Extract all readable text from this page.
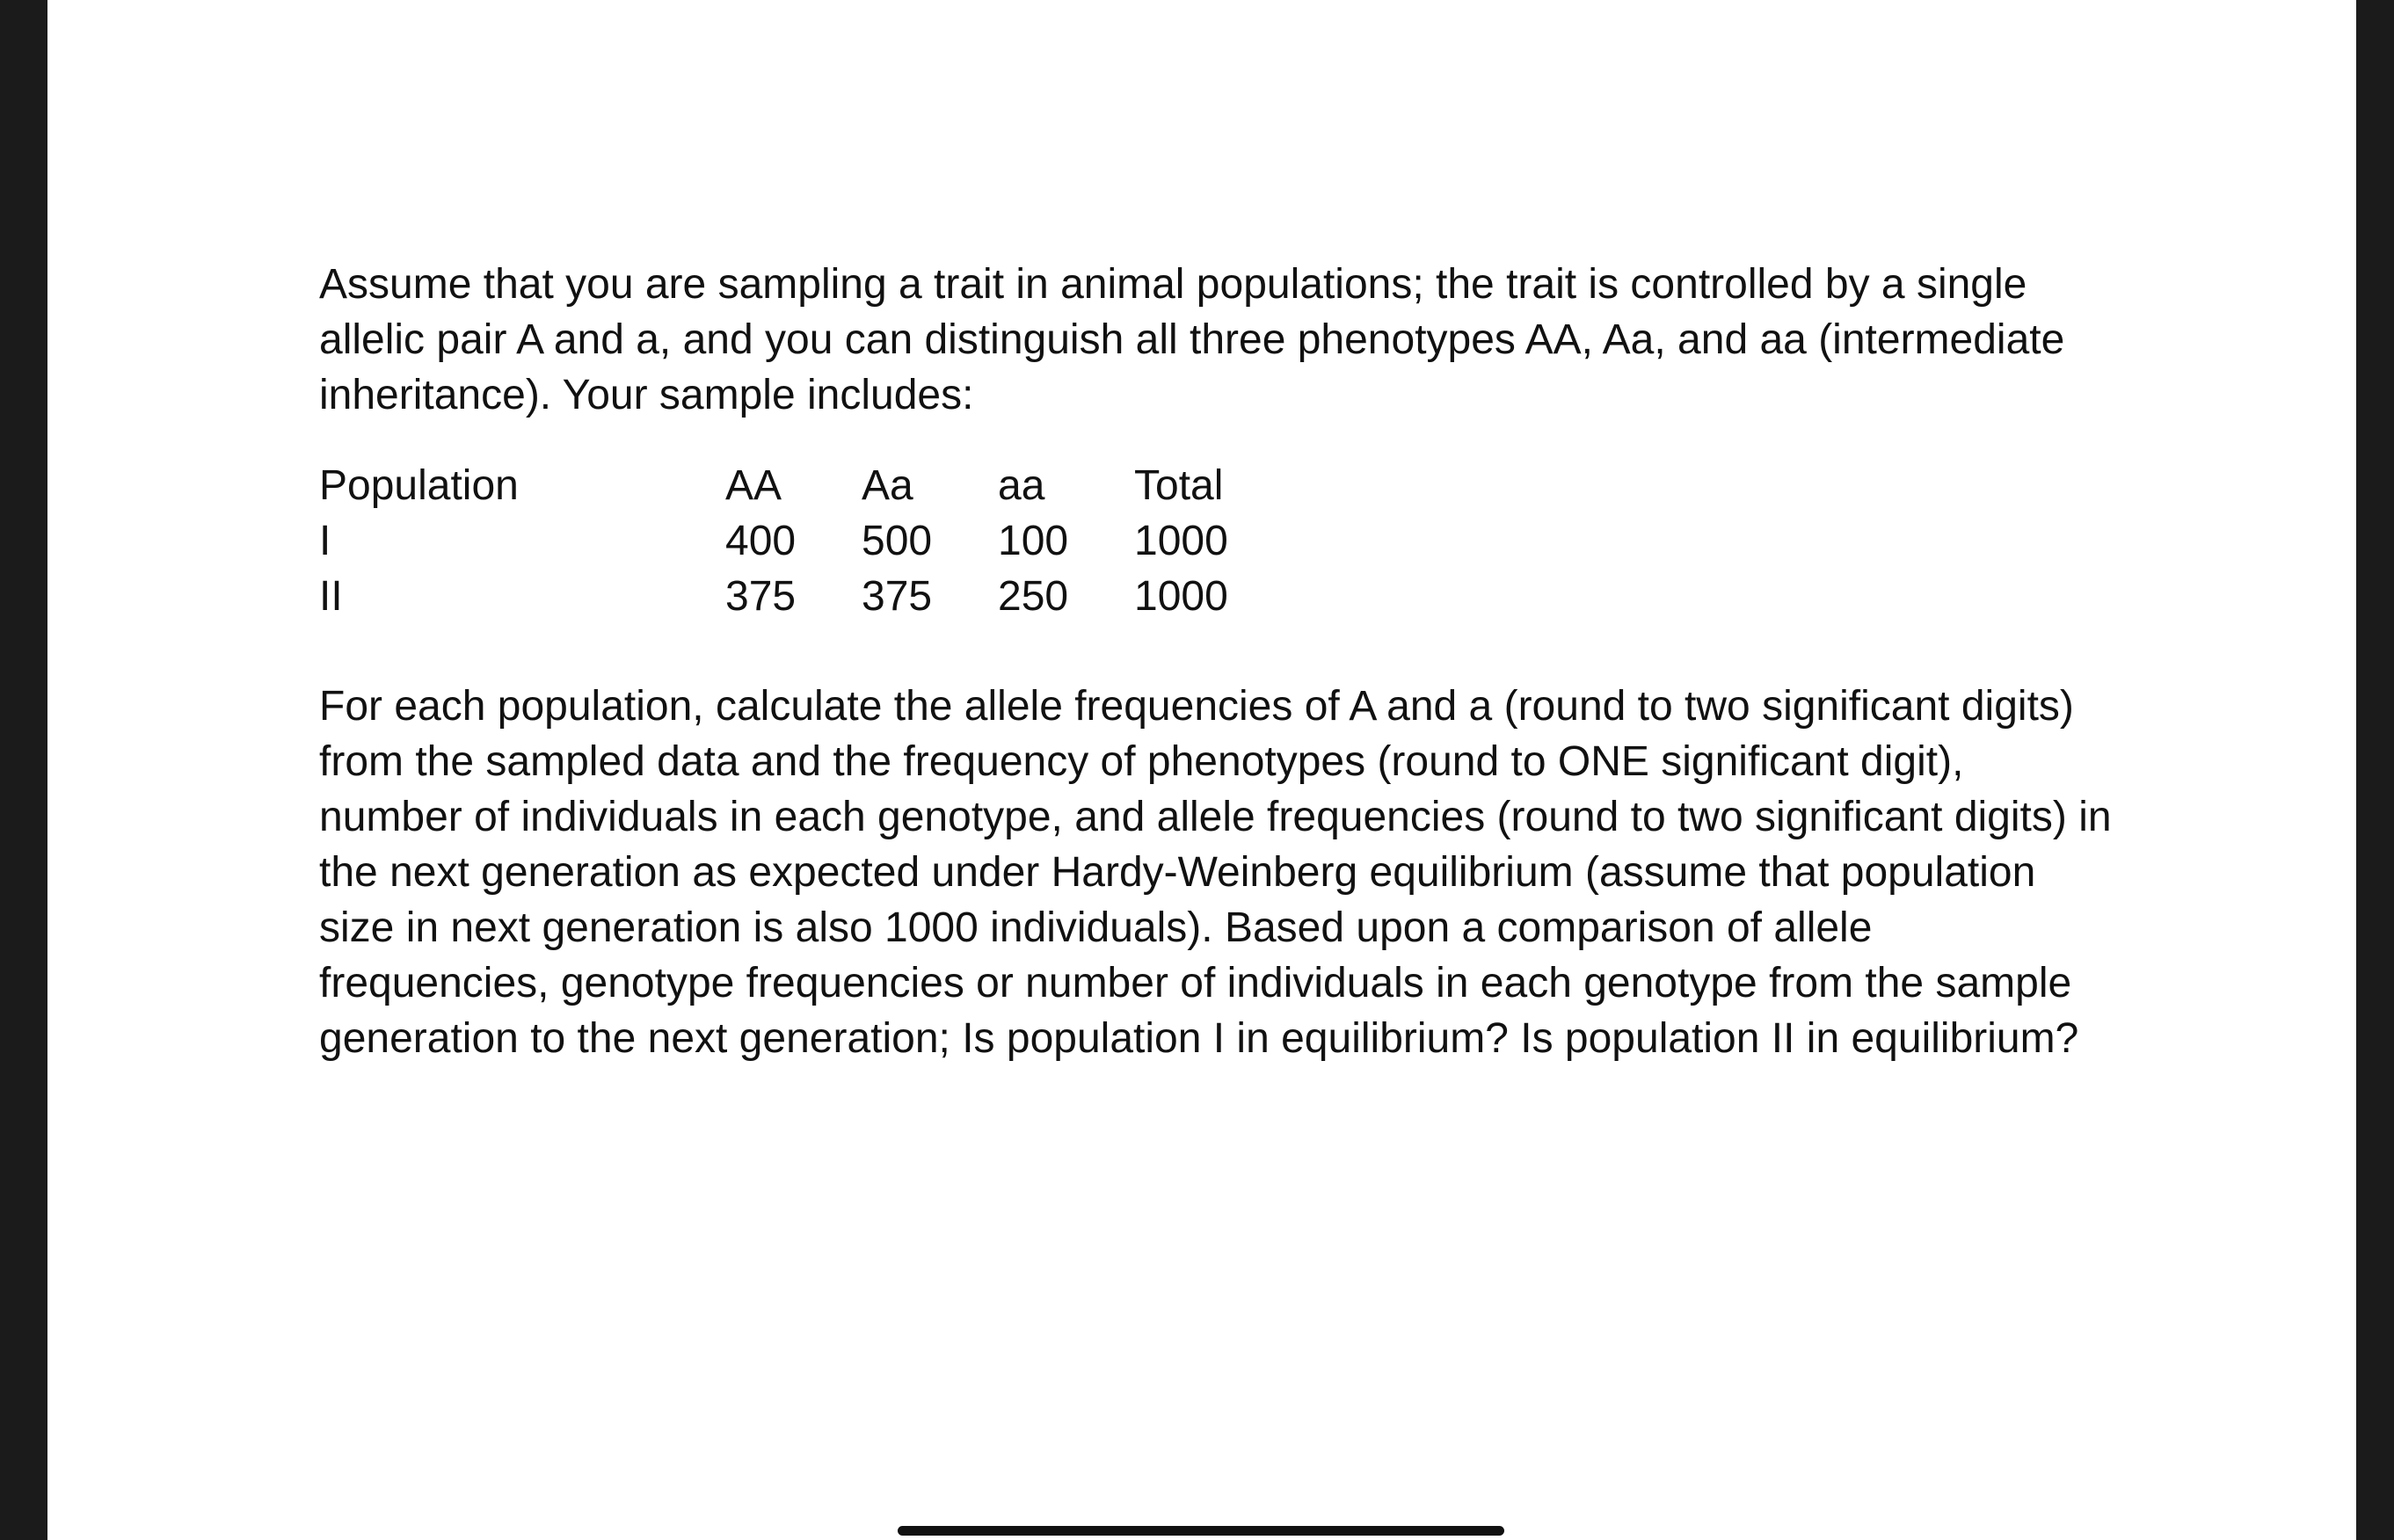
Assume that you are sampling a trait in animal populations; the trait is controlled by a single allelic pair A and a, and you can distinguish all three phenotypes AA, Aa, and aa (intermediate inheritance). Your sample includes:

Population	AA	Aa	aa	Total
I	400	500	100	1000
II	375	375	250	1000

For each population, calculate the allele frequencies of A and a (round to two significant digits) from the sampled data and the frequency of phenotypes (round to ONE significant digit), number of individuals in each genotype, and allele frequencies (round to two significant digits) in the next generation as expected under Hardy-Weinberg equilibrium (assume that population size in next generation is also 1000 individuals). Based upon a comparison of allele frequencies, genotype frequencies or number of individuals in each genotype from the sample generation to the next generation; Is population I in equilibrium? Is population II in equilibrium?
